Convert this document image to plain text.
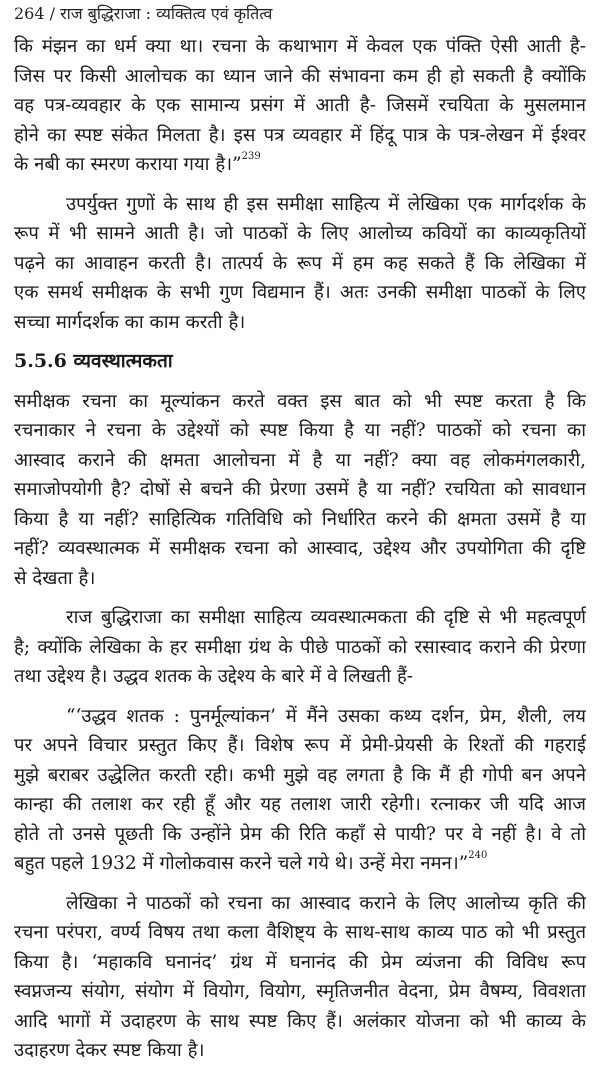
264 / राज बुद्धिराजा : व्यक्तित्व एवं कृतित्व
कि मंझन का धर्म क्या था। रचना के कथाभाग में केवल एक पंक्ति ऐसी आती है-
जिस पर किसी आलोचक का ध्यान जाने की संभावना कम ही हो सकती है क्योंकि
वह पत्र-व्यवहार के एक सामान्य प्रसंग में आती है- जिसमें रचयिता के मुसलमान
होने का स्पष्ट संकेत मिलता है। इस पत्र व्यवहार में हिंदू पात्र के पत्र-लेखन में ईश्वर
के नबी का स्मरण कराया गया है।”$^{239}$
उपर्युक्त गुणों के साथ ही इस समीक्षा साहित्य में लेखिका एक मार्गदर्शक के
रूप में भी सामने आती है। जो पाठकों के लिए आलोच्य कवियों का काव्यकृतियों
पढ़ने का आवाहन करती है। तात्पर्य के रूप में हम कह सकते हैं कि लेखिका में
एक समर्थ समीक्षक के सभी गुण विद्यमान हैं। अतः उनकी समीक्षा पाठकों के लिए
सच्चा मार्गदर्शक का काम करती है।
5.5.6 व्यवस्थात्मकता
समीक्षक रचना का मूल्यांकन करते वक्त इस बात को भी स्पष्ट करता है कि
रचनाकार ने रचना के उद्देश्यों को स्पष्ट किया है या नहीं? पाठकों को रचना का
आस्वाद कराने की क्षमता आलोचना में है या नहीं? क्या वह लोकमंगलकारी,
समाजोपयोगी है? दोषों से बचने की प्रेरणा उसमें है या नहीं? रचयिता को सावधान
किया है या नहीं? साहित्यिक गतिविधि को निर्धारित करने की क्षमता उसमें है या
नहीं? व्यवस्थात्मक में समीक्षक रचना को आस्वाद, उद्देश्य और उपयोगिता की दृष्टि
से देखता है।
राज बुद्धिराजा का समीक्षा साहित्य व्यवस्थात्मकता की दृष्टि से भी महत्वपूर्ण
है; क्योंकि लेखिका के हर समीक्षा ग्रंथ के पीछे पाठकों को रसास्वाद कराने की प्रेरणा
तथा उद्देश्य है। उद्धव शतक के उद्देश्य के बारे में वे लिखती हैं-
“‘उद्धव शतक : पुनर्मूल्यांकन’ में मैंने उसका कथ्य दर्शन, प्रेम, शैली, लय
पर अपने विचार प्रस्तुत किए हैं। विशेष रूप में प्रेमी-प्रेयसी के रिश्तों की गहराई
मुझे बराबर उद्धेलित करती रही। कभी मुझे वह लगता है कि मैं ही गोपी बन अपने
कान्हा की तलाश कर रही हूँ और यह तलाश जारी रहेगी। रत्नाकर जी यदि आज
होते तो उनसे पूछती कि उन्होंने प्रेम की रिति कहाँ से पायी? पर वे नहीं है। वे तो
बहुत पहले 1932 में गोलोकवास करने चले गये थे। उन्हें मेरा नमन।”$^{240}$
लेखिका ने पाठकों को रचना का आस्वाद कराने के लिए आलोच्य कृति की
रचना परंपरा, वर्ण्य विषय तथा कला वैशिष्ट्य के साथ-साथ काव्य पाठ को भी प्रस्तुत
किया है। ‘महाकवि घनानंद’ ग्रंथ में घनानंद की प्रेम व्यंजना की विविध रूप
स्वप्नजन्य संयोग, संयोग में वियोग, वियोग, स्मृतिजनीत वेदना, प्रेम वैषम्य, विवशता
आदि भागों में उदाहरण के साथ स्पष्ट किए हैं। अलंकार योजना को भी काव्य के
उदाहरण देकर स्पष्ट किया है।
